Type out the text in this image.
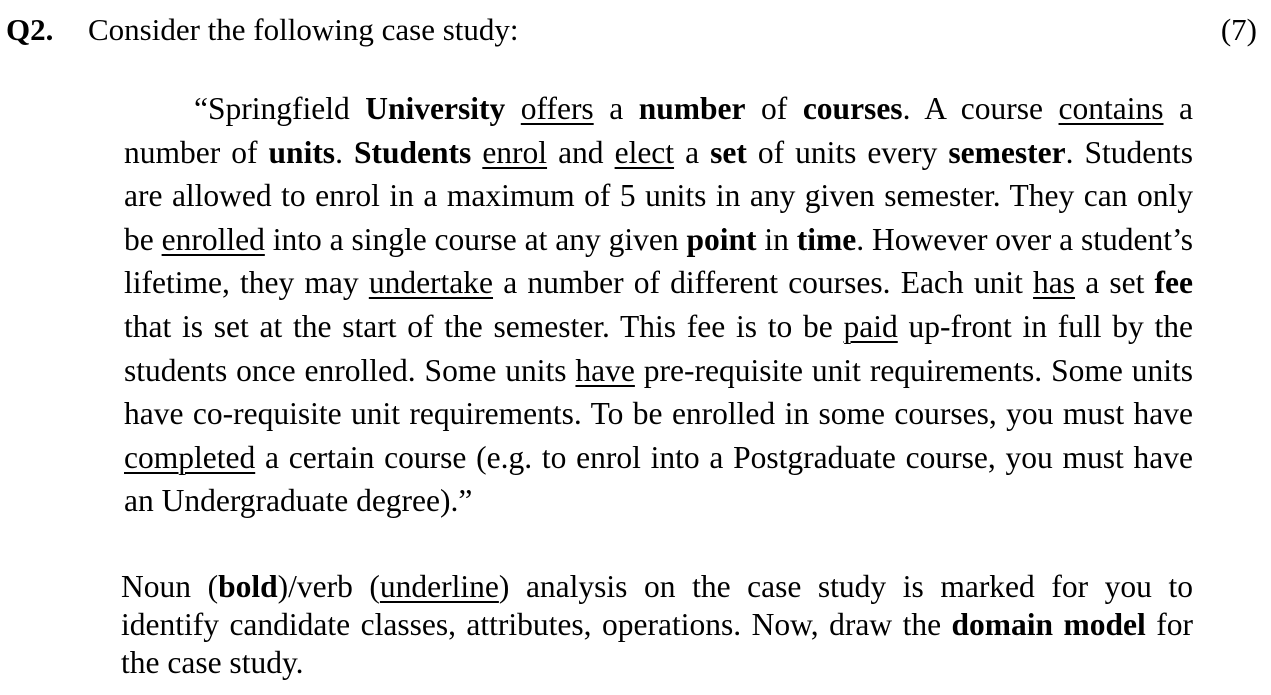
Q2. Consider the following case study:	(7)

“Springfield University offers a number of courses. A course contains a number of units. Students enrol and elect a set of units every semester. Students are allowed to enrol in a maximum of 5 units in any given semester. They can only be enrolled into a single course at any given point in time. However over a student’s lifetime, they may undertake a number of different courses. Each unit has a set fee that is set at the start of the semester. This fee is to be paid up-front in full by the students once enrolled. Some units have pre-requisite unit requirements. Some units have co-requisite unit requirements. To be enrolled in some courses, you must have completed a certain course (e.g. to enrol into a Postgraduate course, you must have an Undergraduate degree).”

Noun (bold)/verb (underline) analysis on the case study is marked for you to identify candidate classes, attributes, operations. Now, draw the domain model for the case study.
